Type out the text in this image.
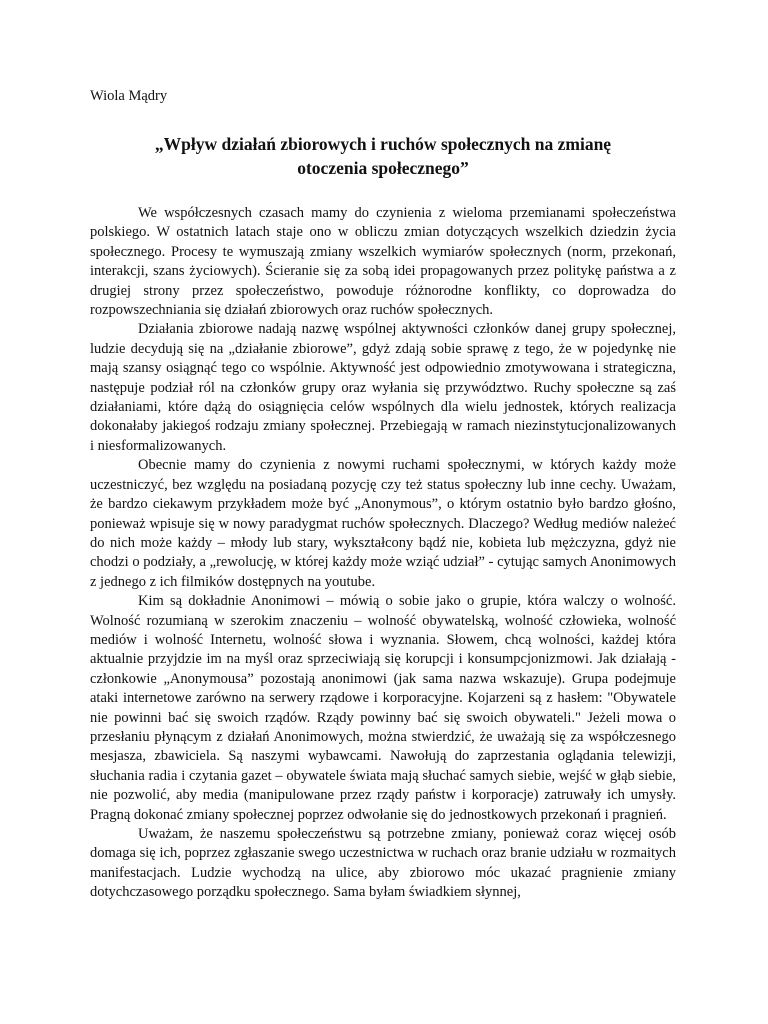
Wiola Mądry
„Wpływ działań zbiorowych i ruchów społecznych na zmianę
otoczenia społecznego”

We współczesnych czasach mamy do czynienia z wieloma przemianami społeczeństwa polskiego. W ostatnich latach staje ono w obliczu zmian dotyczących wszelkich dziedzin życia społecznego. Procesy te wymuszają zmiany wszelkich wymiarów społecznych (norm, przekonań, interakcji, szans życiowych). Ścieranie się za sobą idei propagowanych przez politykę państwa a z drugiej strony przez społeczeństwo, powoduje różnorodne konflikty, co doprowadza do rozpowszechniania się działań zbiorowych oraz ruchów społecznych.

Działania zbiorowe nadają nazwę wspólnej aktywności członków danej grupy społecznej, ludzie decydują się na „działanie zbiorowe”, gdyż zdają sobie sprawę z tego, że w pojedynkę nie mają szansy osiągnąć tego co wspólnie. Aktywność jest odpowiednio zmotywowana i strategiczna, następuje podział ról na członków grupy oraz wyłania się przywództwo. Ruchy społeczne są zaś działaniami, które dążą do osiągnięcia celów wspólnych dla wielu jednostek, których realizacja dokonałaby jakiegoś rodzaju zmiany społecznej. Przebiegają w ramach niezinstytucjonalizowanych i niesformalizowanych.

Obecnie mamy do czynienia z nowymi ruchami społecznymi, w których każdy może uczestniczyć, bez względu na posiadaną pozycję czy też status społeczny lub inne cechy. Uważam, że bardzo ciekawym przykładem może być „Anonymous”, o którym ostatnio było bardzo głośno, ponieważ wpisuje się w nowy paradygmat ruchów społecznych. Dlaczego? Według mediów należeć do nich może każdy – młody lub stary, wykształcony bądź nie, kobieta lub mężczyzna, gdyż nie chodzi o podziały, a „rewolucję, w której każdy może wziąć udział” - cytując samych Anonimowych z jednego z ich filmików dostępnych na youtube.

Kim są dokładnie Anonimowi – mówią o sobie jako o grupie, która walczy o wolność. Wolność rozumianą w szerokim znaczeniu – wolność obywatelską, wolność człowieka, wolność mediów i wolność Internetu, wolność słowa i wyznania. Słowem, chcą wolności, każdej która aktualnie przyjdzie im na myśl oraz sprzeciwiają się korupcji i konsumpcjonizmowi. Jak działają - członkowie „Anonymousa” pozostają anonimowi (jak sama nazwa wskazuje). Grupa podejmuje ataki internetowe zarówno na serwery rządowe i korporacyjne. Kojarzeni są z hasłem: "Obywatele nie powinni bać się swoich rządów. Rządy powinny bać się swoich obywateli." Jeżeli mowa o przesłaniu płynącym z działań Anonimowych, można stwierdzić, że uważają się za współczesnego mesjasza, zbawiciela. Są naszymi wybawcami. Nawołują do zaprzestania oglądania telewizji, słuchania radia i czytania gazet – obywatele świata mają słuchać samych siebie, wejść w głąb siebie, nie pozwolić, aby media (manipulowane przez rządy państw i korporacje) zatruwały ich umysły. Pragną dokonać zmiany społecznej poprzez odwołanie się do jednostkowych przekonań i pragnień.

Uważam, że naszemu społeczeństwu są potrzebne zmiany, ponieważ coraz więcej osób domaga się ich, poprzez zgłaszanie swego uczestnictwa w ruchach oraz branie udziału w rozmaitych manifestacjach. Ludzie wychodzą na ulice, aby zbiorowo móc ukazać pragnienie zmiany dotychczasowego porządku społecznego. Sama byłam świadkiem słynnej,
